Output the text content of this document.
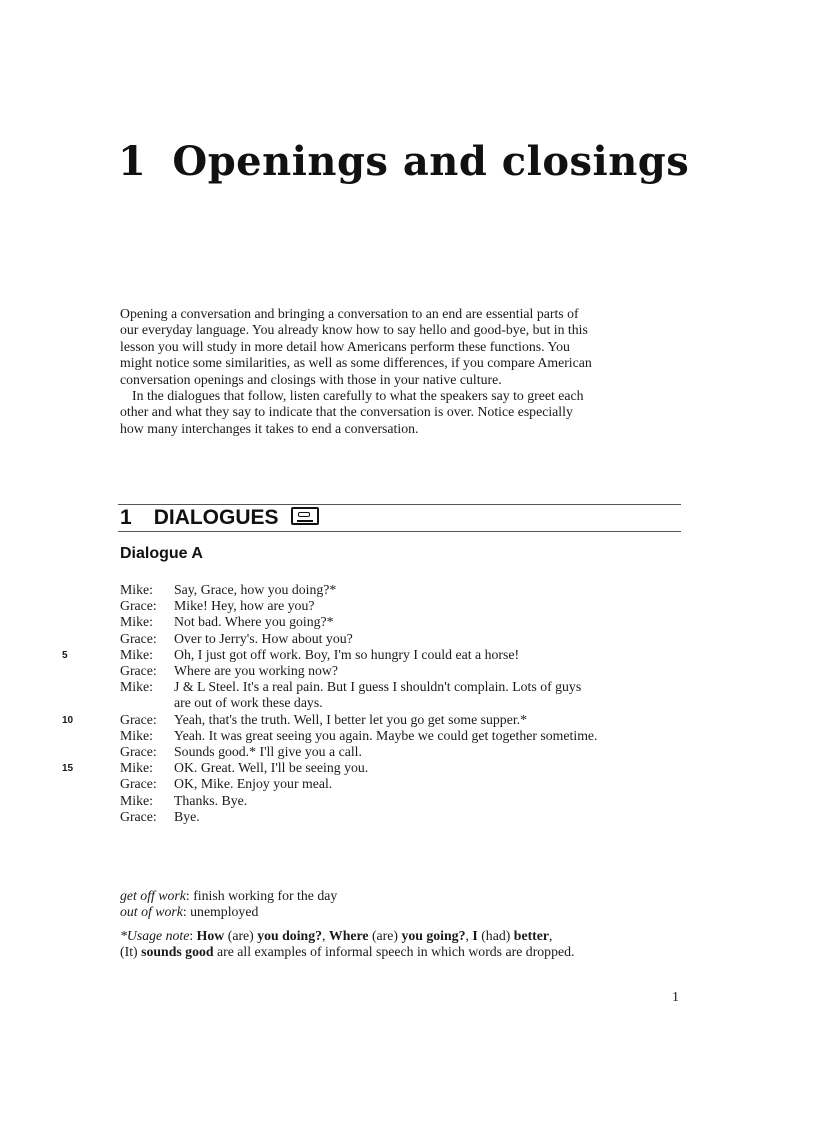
1 Openings and closings

Opening a conversation and bringing a conversation to an end are essential parts of our everyday language. You already know how to say hello and good-bye, but in this lesson you will study in more detail how Americans perform these functions. You might notice some similarities, as well as some differences, if you compare American conversation openings and closings with those in your native culture.

In the dialogues that follow, listen carefully to what the speakers say to greet each other and what they say to indicate that the conversation is over. Notice especially how many interchanges it takes to end a conversation.

1 DIALOGUES
Dialogue A
Mike:	Say, Grace, how you doing?*
Grace:	Mike! Hey, how are you?
Mike:	Not bad. Where you going?*
Grace:	Over to Jerry's. How about you?
5	Mike:	Oh, I just got off work. Boy, I'm so hungry I could eat a horse!
Grace:	Where are you working now?
Mike:	J & L Steel. It's a real pain. But I guess I shouldn't complain. Lots of guys are out of work these days.
10	Grace:	Yeah, that's the truth. Well, I better let you go get some supper.*
Mike:	Yeah. It was great seeing you again. Maybe we could get together sometime.
Grace:	Sounds good.* I'll give you a call.
15	Mike:	OK. Great. Well, I'll be seeing you.
Grace:	OK, Mike. Enjoy your meal.
Mike:	Thanks. Bye.
Grace:	Bye.

get off work: finish working for the day

out of work: unemployed

*Usage note: How (are) you doing?, Where (are) you going?, I (had) better,
(It) sounds good are all examples of informal speech in which words are dropped.

1
